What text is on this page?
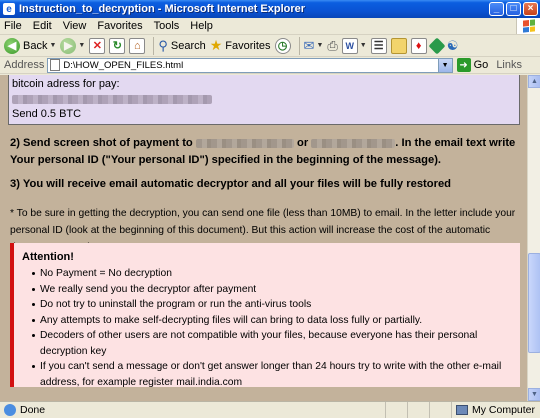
e Instruction_to_decryption - Microsoft Internet Explorer	_	□	×
File Edit View Favorites Tools Help
◀ Back ▼ ▶ ▼ ✕ ↻	⌂	⚲ Search ★ Favorites ◷ ✉ ▼ ⎙ W ▼ ☰	♦	☯
Address D:\HOW_OPEN_FILES.html	▼	➜ Go Links
bitcoin adress for pay:
Send 0.5 BTC
2) Send screen shot of payment to	or	. In the email text write Your personal ID ("Your personal ID") specified in the beginning of the message).
3) You will receive email automatic decryptor and all your files will be fully restored
* To be sure in getting the decryption, you can send one file (less than 10MB) to email. In the letter include your personal ID (look at the beginning of this document). But this action will increase the cost of the automatic
Attention!
No Payment = No decryption
We really send you the decryptor after payment
Do not try to uninstall the program or run the anti-virus tools
Any attempts to make self-decrypting files will can bring to data loss fully or partially.
Decoders of other users are not compatible with your files, because everyone has their personal decryption key
If you can't send a message or don't get answer longer than 24 hours try to write with the other e-mail address, for example register mail.india.com
▲
▼
Done	My Computer
